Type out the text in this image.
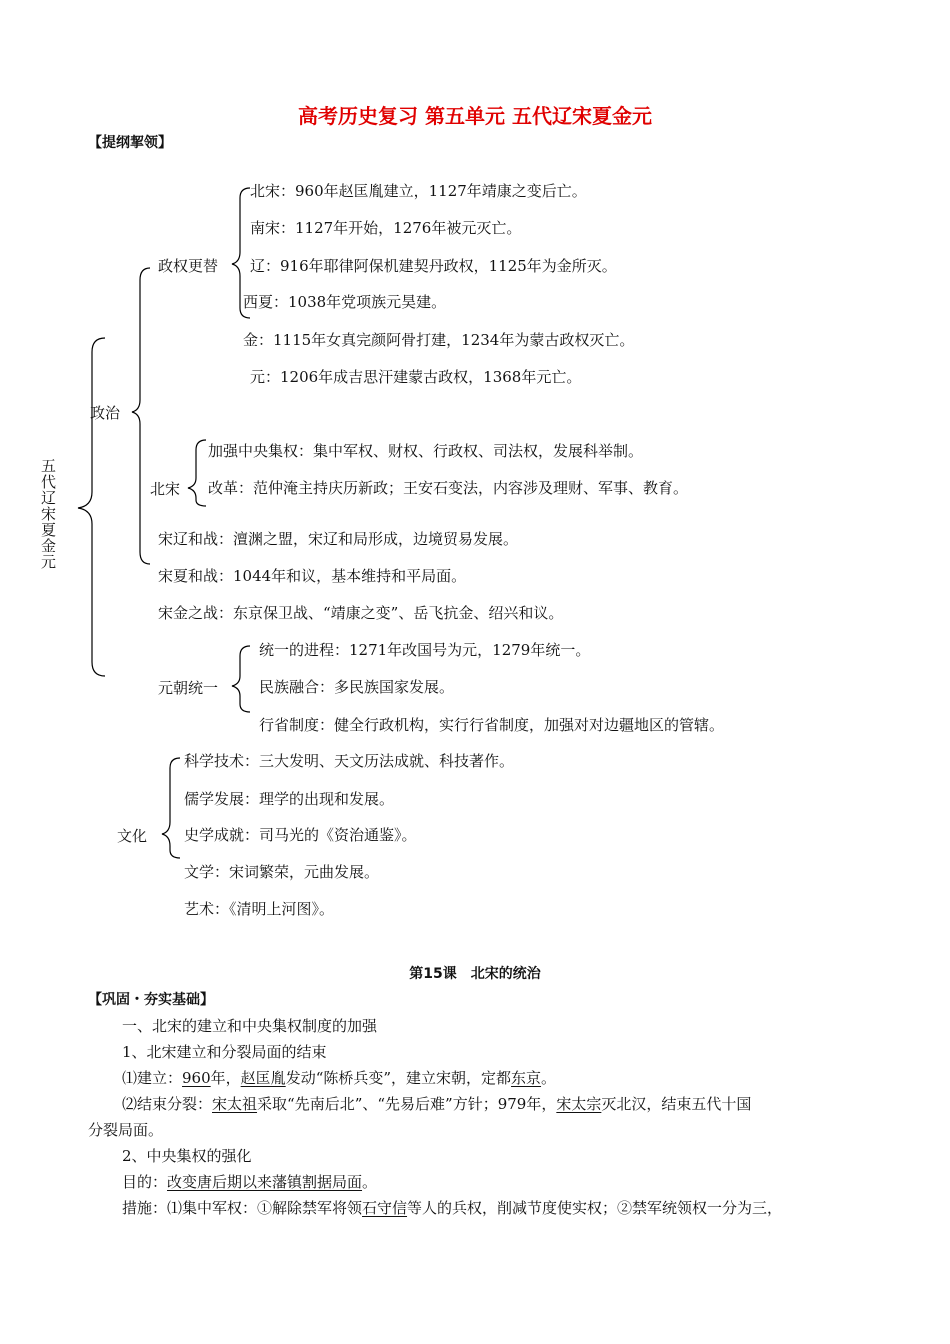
高考历史复习 第五单元 五代辽宋夏金元
【提纲挈领】
五代辽宋夏金元
政治
政权更替
北宋：960年赵匡胤建立，1127年靖康之变后亡。
南宋：1127年开始，1276年被元灭亡。
辽：916年耶律阿保机建契丹政权，1125年为金所灭。
西夏：1038年党项族元昊建。
金：1115年女真完颜阿骨打建，1234年为蒙古政权灭亡。
元：1206年成吉思汗建蒙古政权，1368年元亡。
北宋
加强中央集权：集中军权、财权、行政权、司法权，发展科举制。
改革：范仲淹主持庆历新政；王安石变法，内容涉及理财、军事、教育。
宋辽和战：澶渊之盟，宋辽和局形成，边境贸易发展。
宋夏和战：1044年和议，基本维持和平局面。
宋金之战：东京保卫战、“靖康之变”、岳飞抗金、绍兴和议。
元朝统一
统一的进程：1271年改国号为元，1279年统一。
民族融合：多民族国家发展。
行省制度：健全行政机构，实行行省制度，加强对对边疆地区的管辖。
文化
科学技术：三大发明、天文历法成就、科技著作。
儒学发展：理学的出现和发展。
史学成就：司马光的《资治通鉴》。
文学：宋词繁荣，元曲发展。
艺术：《清明上河图》。
第15课　北宋的统治
【巩固・夯实基础】
一、北宋的建立和中央集权制度的加强
1、北宋建立和分裂局面的结束
⑴建立：960年，赵匡胤发动“陈桥兵变”，建立宋朝，定都东京。
⑵结束分裂：宋太祖采取“先南后北”、“先易后难”方针；979年，宋太宗灭北汉，结束五代十国
分裂局面。
2、中央集权的强化
目的：改变唐后期以来藩镇割据局面。
措施：⑴集中军权：①解除禁军将领石守信等人的兵权，削减节度使实权；②禁军统领权一分为三，
